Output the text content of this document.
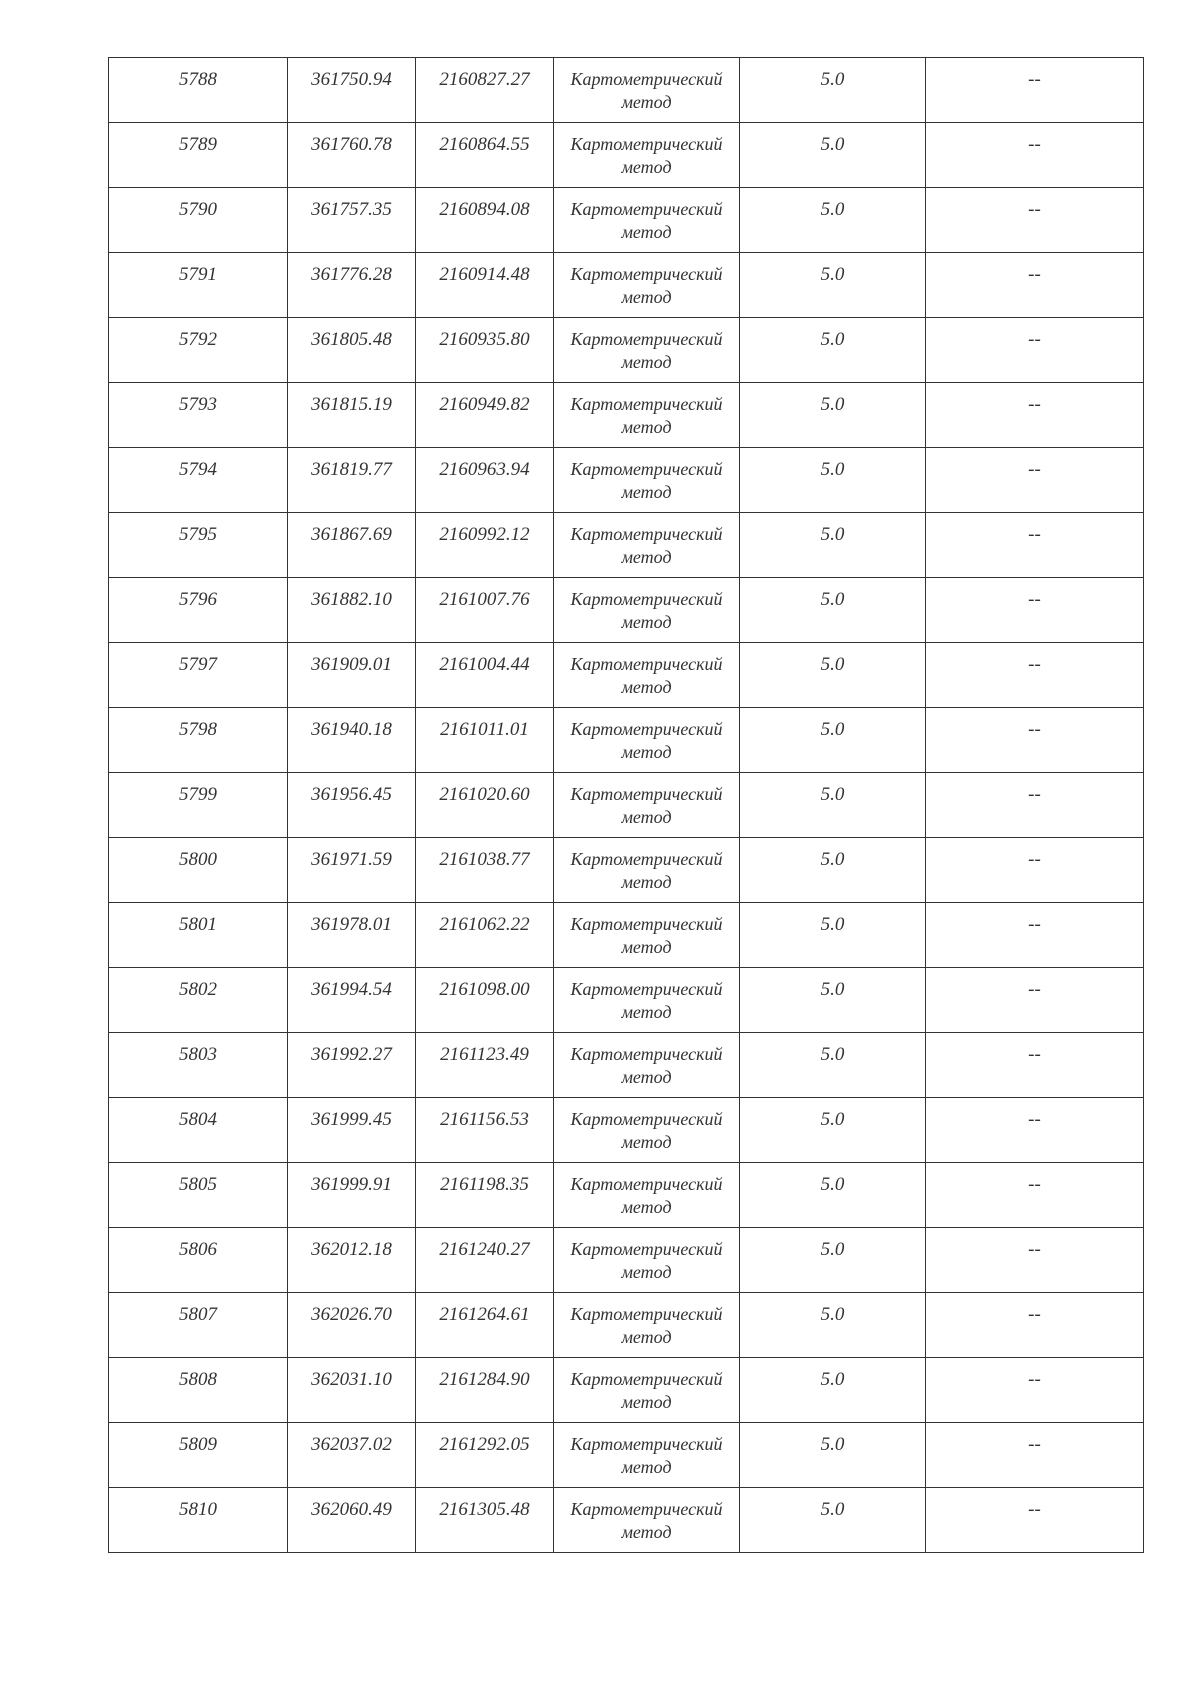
5788	361750.94	2160827.27	Картометрический метод	5.0	--
5789	361760.78	2160864.55	Картометрический метод	5.0	--
5790	361757.35	2160894.08	Картометрический метод	5.0	--
5791	361776.28	2160914.48	Картометрический метод	5.0	--
5792	361805.48	2160935.80	Картометрический метод	5.0	--
5793	361815.19	2160949.82	Картометрический метод	5.0	--
5794	361819.77	2160963.94	Картометрический метод	5.0	--
5795	361867.69	2160992.12	Картометрический метод	5.0	--
5796	361882.10	2161007.76	Картометрический метод	5.0	--
5797	361909.01	2161004.44	Картометрический метод	5.0	--
5798	361940.18	2161011.01	Картометрический метод	5.0	--
5799	361956.45	2161020.60	Картометрический метод	5.0	--
5800	361971.59	2161038.77	Картометрический метод	5.0	--
5801	361978.01	2161062.22	Картометрический метод	5.0	--
5802	361994.54	2161098.00	Картометрический метод	5.0	--
5803	361992.27	2161123.49	Картометрический метод	5.0	--
5804	361999.45	2161156.53	Картометрический метод	5.0	--
5805	361999.91	2161198.35	Картометрический метод	5.0	--
5806	362012.18	2161240.27	Картометрический метод	5.0	--
5807	362026.70	2161264.61	Картометрический метод	5.0	--
5808	362031.10	2161284.90	Картометрический метод	5.0	--
5809	362037.02	2161292.05	Картометрический метод	5.0	--
5810	362060.49	2161305.48	Картометрический метод	5.0	--
